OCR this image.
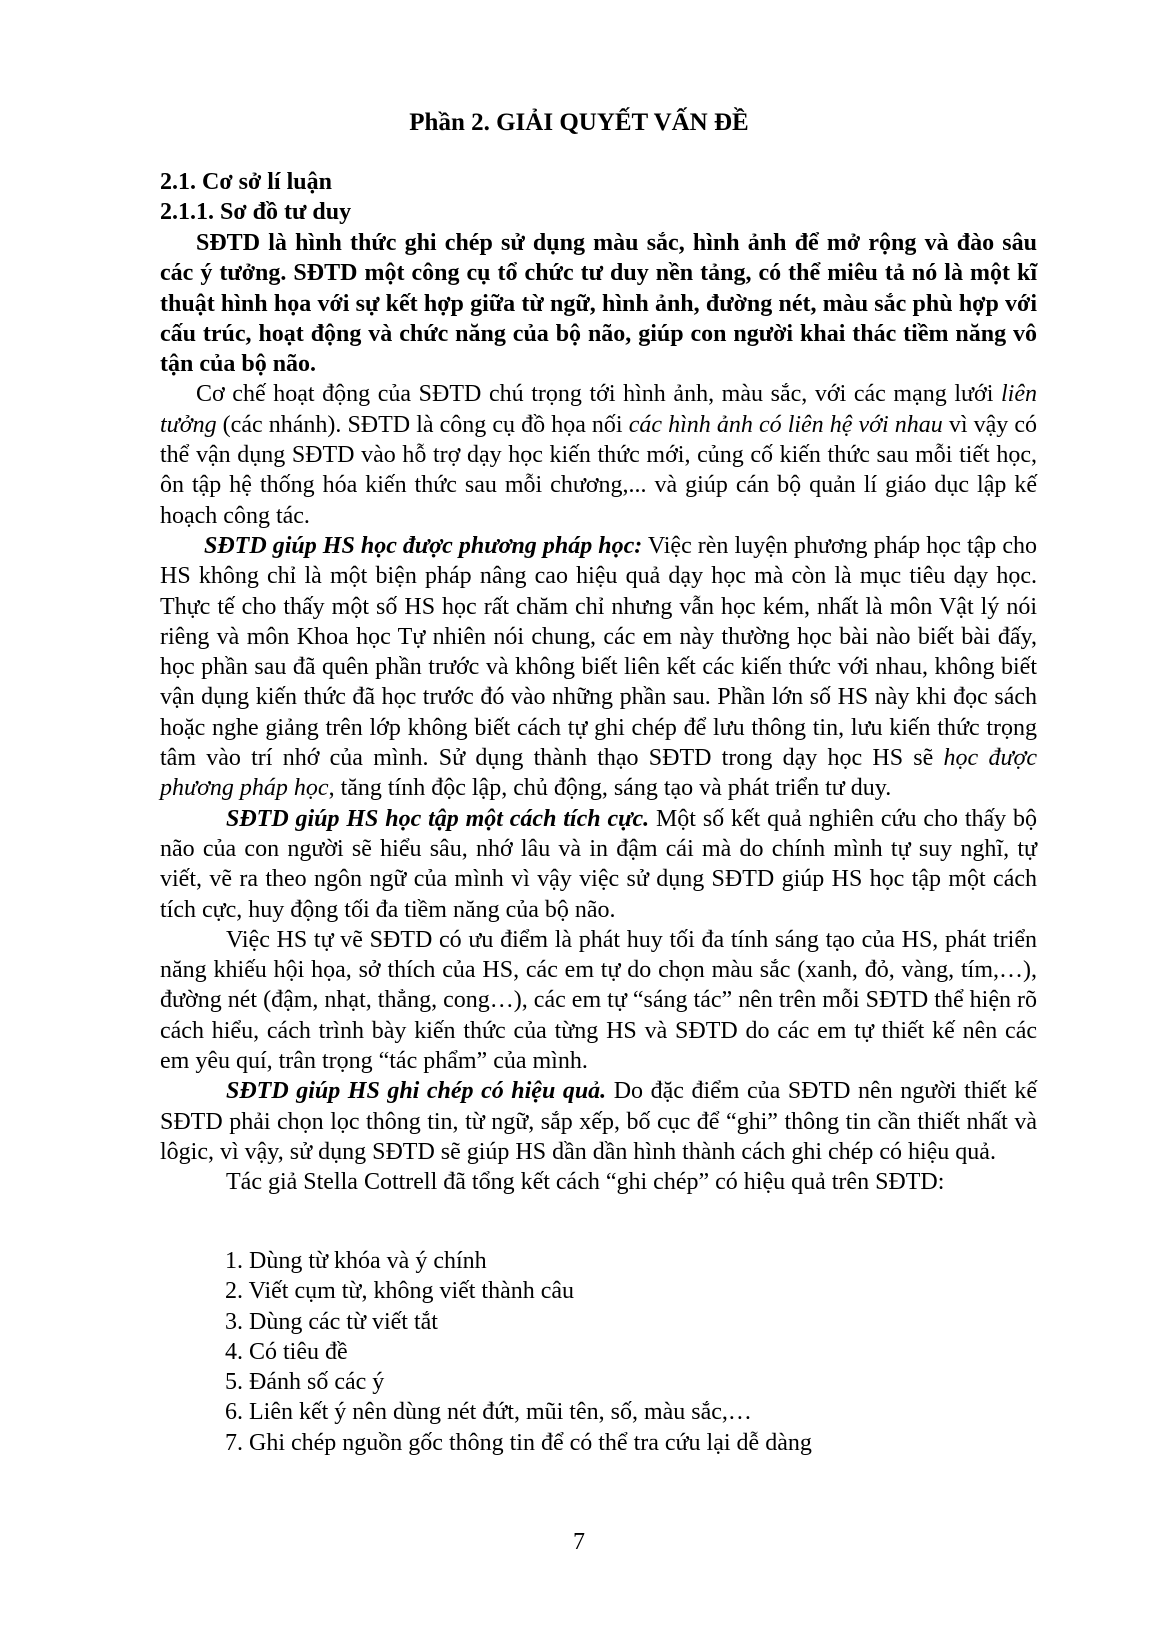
Phần 2. GIẢI QUYẾT VẤN ĐỀ
2.1. Cơ sở lí luận
2.1.1. Sơ đồ tư duy

SĐTD là hình thức ghi chép sử dụng màu sắc, hình ảnh để mở rộng và đào sâu các ý tưởng. SĐTD một công cụ tổ chức tư duy nền tảng, có thể miêu tả nó là một kĩ thuật hình họa với sự kết hợp giữa từ ngữ, hình ảnh, đường nét, màu sắc phù hợp với cấu trúc, hoạt động và chức năng của bộ não, giúp con người khai thác tiềm năng vô tận của bộ não.

Cơ chế hoạt động của SĐTD chú trọng tới hình ảnh, màu sắc, với các mạng lưới liên tưởng (các nhánh). SĐTD là công cụ đồ họa nối các hình ảnh có liên hệ với nhau vì vậy có thể vận dụng SĐTD vào hỗ trợ dạy học kiến thức mới, củng cố kiến thức sau mỗi tiết học, ôn tập hệ thống hóa kiến thức sau mỗi chương,... và giúp cán bộ quản lí giáo dục lập kế hoạch công tác.

SĐTD giúp HS học được phương pháp học: Việc rèn luyện phương pháp học tập cho HS không chỉ là một biện pháp nâng cao hiệu quả dạy học mà còn là mục tiêu dạy học. Thực tế cho thấy một số HS học rất chăm chỉ nhưng vẫn học kém, nhất là môn Vật lý nói riêng và môn Khoa học Tự nhiên nói chung, các em này thường học bài nào biết bài đấy, học phần sau đã quên phần trước và không biết liên kết các kiến thức với nhau, không biết vận dụng kiến thức đã học trước đó vào những phần sau. Phần lớn số HS này khi đọc sách hoặc nghe giảng trên lớp không biết cách tự ghi chép để lưu thông tin, lưu kiến thức trọng tâm vào trí nhớ của mình. Sử dụng thành thạo SĐTD trong dạy học HS sẽ học được phương pháp học, tăng tính độc lập, chủ động, sáng tạo và phát triển tư duy.

SĐTD giúp HS học tập một cách tích cực. Một số kết quả nghiên cứu cho thấy bộ não của con người sẽ hiểu sâu, nhớ lâu và in đậm cái mà do chính mình tự suy nghĩ, tự viết, vẽ ra theo ngôn ngữ của mình vì vậy việc sử dụng SĐTD giúp HS học tập một cách tích cực, huy động tối đa tiềm năng của bộ não.

Việc HS tự vẽ SĐTD có ưu điểm là phát huy tối đa tính sáng tạo của HS, phát triển năng khiếu hội họa, sở thích của HS, các em tự do chọn màu sắc (xanh, đỏ, vàng, tím,…), đường nét (đậm, nhạt, thẳng, cong…), các em tự “sáng tác” nên trên mỗi SĐTD thể hiện rõ cách hiểu, cách trình bày kiến thức của từng HS và SĐTD do các em tự thiết kế nên các em yêu quí, trân trọng “tác phẩm” của mình.

SĐTD giúp HS ghi chép có hiệu quả. Do đặc điểm của SĐTD nên người thiết kế SĐTD phải chọn lọc thông tin, từ ngữ, sắp xếp, bố cục để “ghi” thông tin cần thiết nhất và lôgic, vì vậy, sử dụng SĐTD sẽ giúp HS dần dần hình thành cách ghi chép có hiệu quả.

Tác giả Stella Cottrell đã tổng kết cách “ghi chép” có hiệu quả trên SĐTD:

1. Dùng từ khóa và ý chính
2. Viết cụm từ, không viết thành câu
3. Dùng các từ viết tắt
4. Có tiêu đề
5. Đánh số các ý
6. Liên kết ý nên dùng nét đứt, mũi tên, số, màu sắc,…
7. Ghi chép nguồn gốc thông tin để có thể tra cứu lại dễ dàng
7
